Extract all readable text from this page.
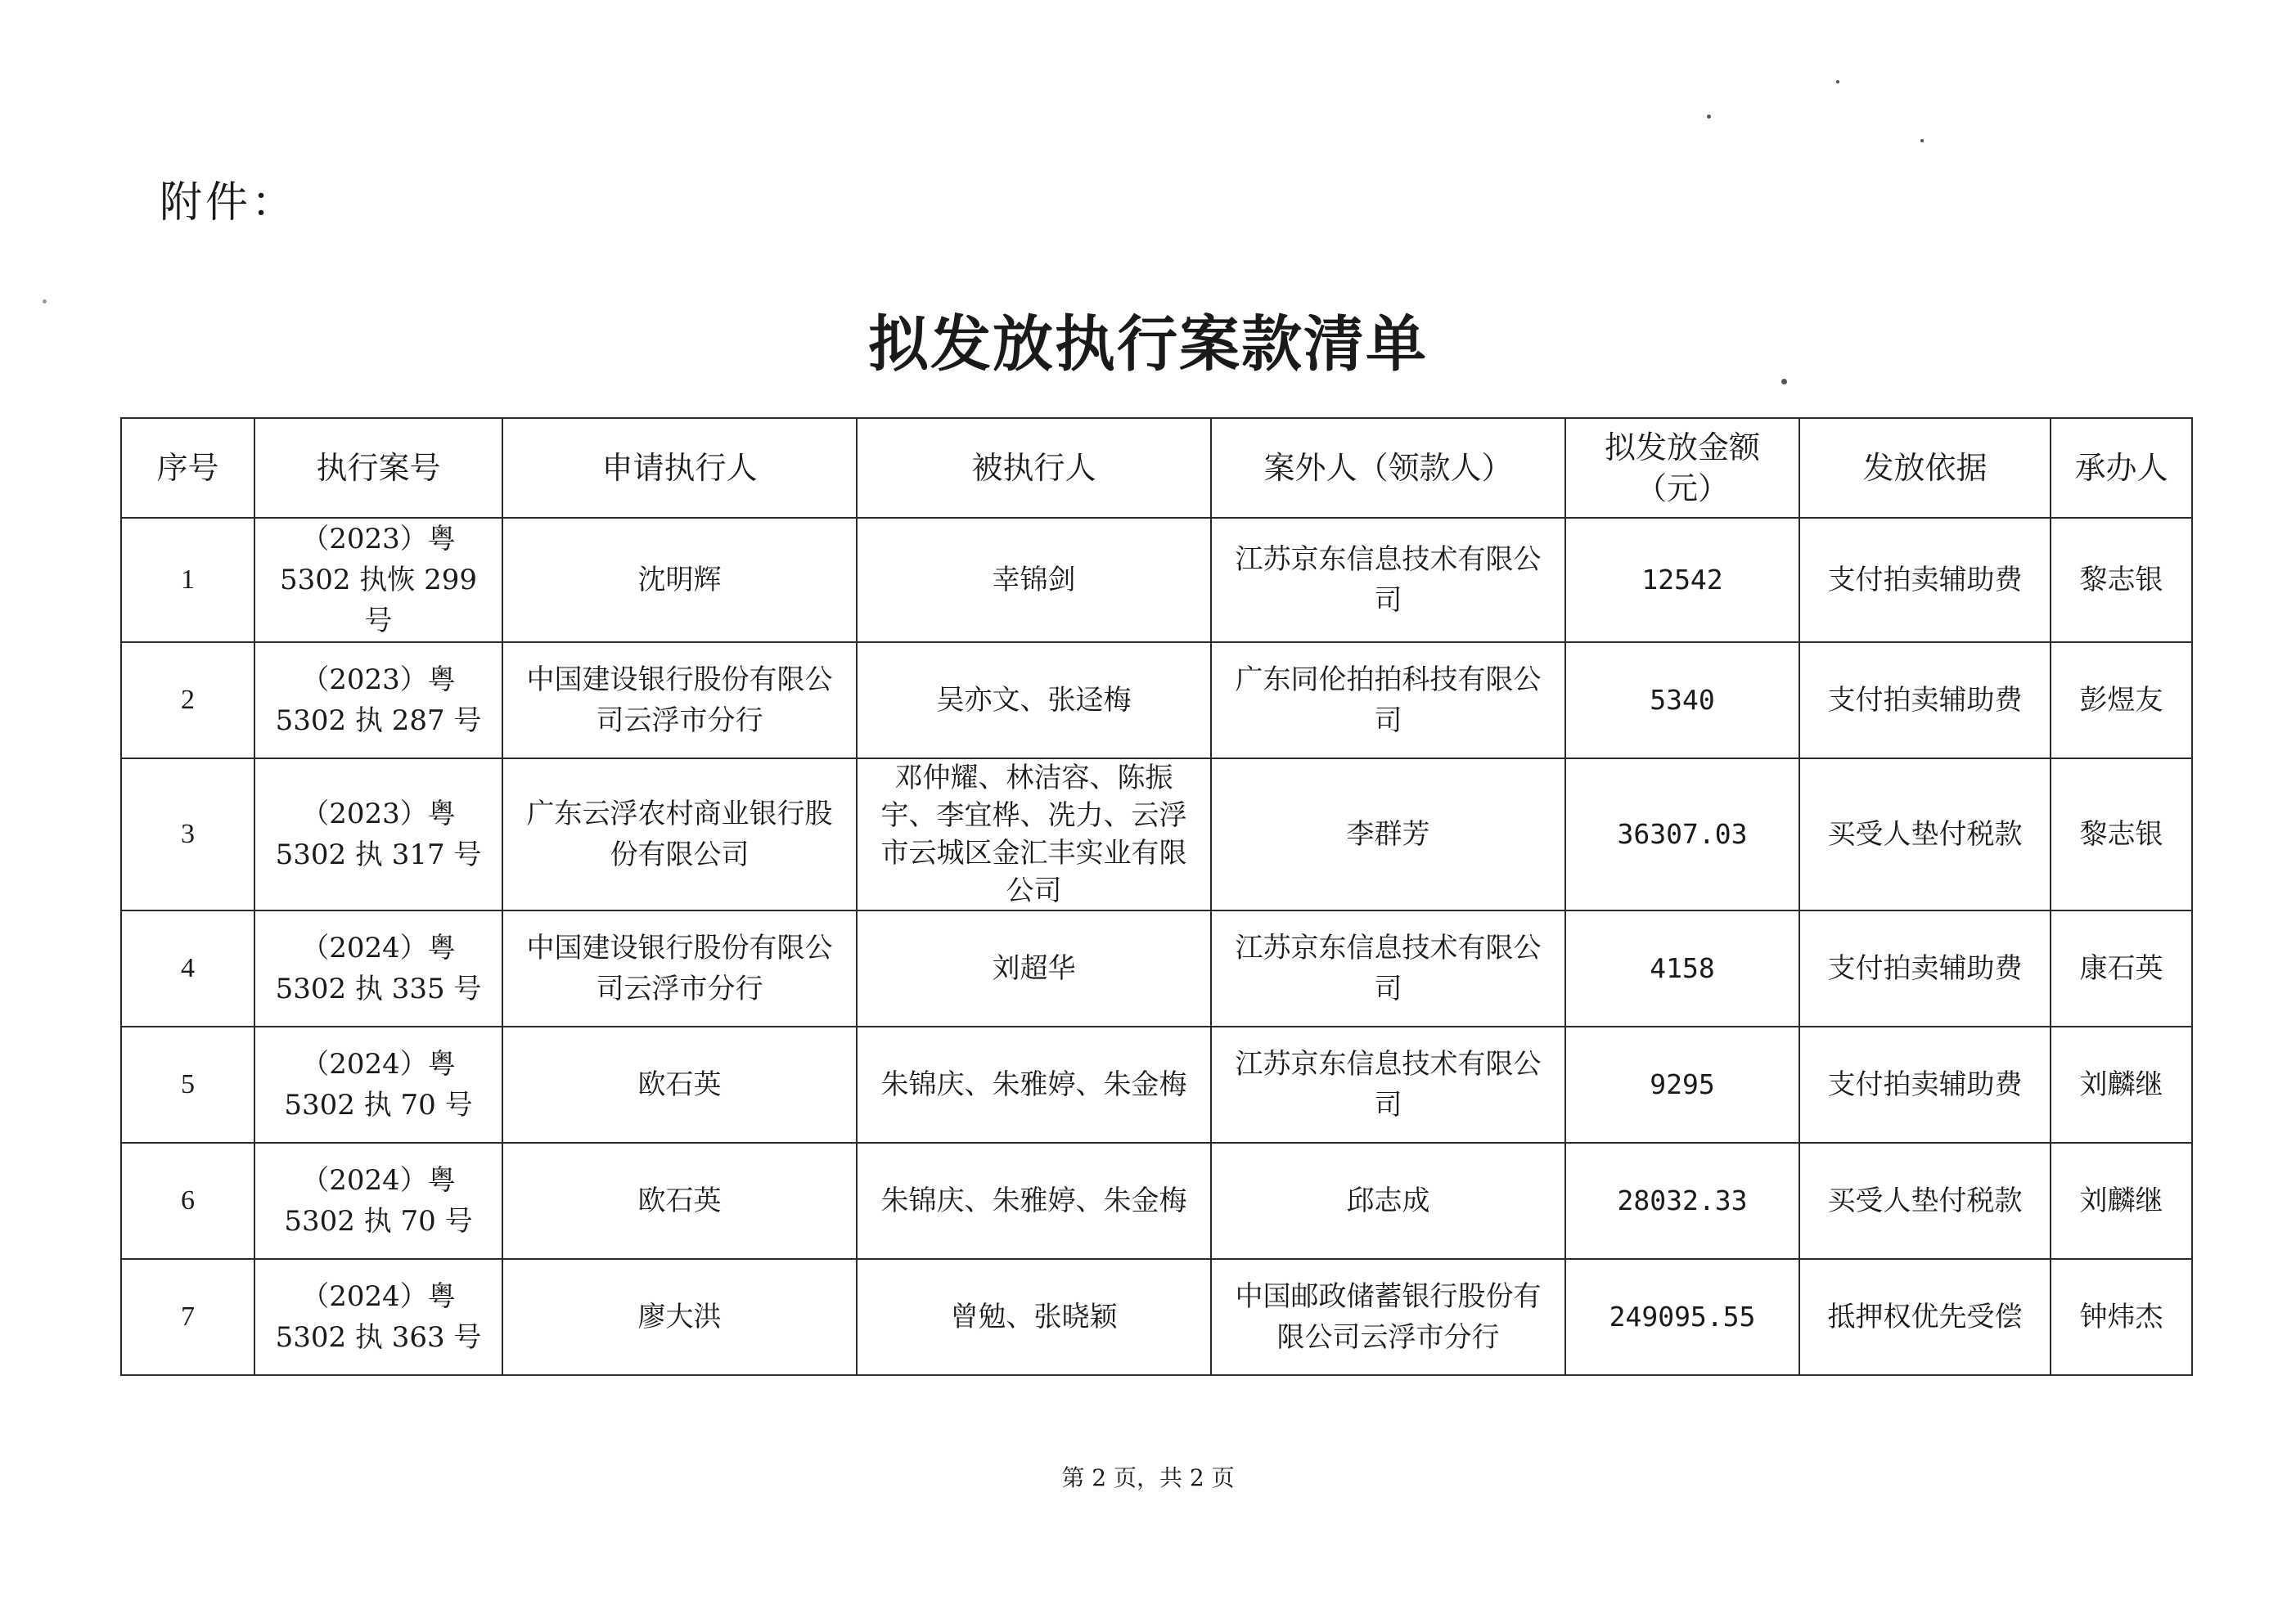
附件：
拟发放执行案款清单
序号	执行案号	申请执行人	被执行人	案外人（领款人）	拟发放金额（元）	发放依据	承办人
1	（2023）粤 5302 执恢 299 号	沈明辉	幸锦剑	江苏京东信息技术有限公司	12542	支付拍卖辅助费	黎志银
2	（2023）粤 5302 执 287 号	中国建设银行股份有限公司云浮市分行	吴亦文、张迳梅	广东同伦拍拍科技有限公司	5340	支付拍卖辅助费	彭煜友
3	（2023）粤 5302 执 317 号	广东云浮农村商业银行股份有限公司	邓仲耀、林洁容、陈振宇、李宜桦、冼力、云浮市云城区金汇丰实业有限公司	李群芳	36307.03	买受人垫付税款	黎志银
4	（2024）粤 5302 执 335 号	中国建设银行股份有限公司云浮市分行	刘超华	江苏京东信息技术有限公司	4158	支付拍卖辅助费	康石英
5	（2024）粤 5302 执 70 号	欧石英	朱锦庆、朱雅婷、朱金梅	江苏京东信息技术有限公司	9295	支付拍卖辅助费	刘麟继
6	（2024）粤 5302 执 70 号	欧石英	朱锦庆、朱雅婷、朱金梅	邱志成	28032.33	买受人垫付税款	刘麟继
7	（2024）粤 5302 执 363 号	廖大洪	曾勉、张晓颖	中国邮政储蓄银行股份有限公司云浮市分行	249095.55	抵押权优先受偿	钟炜杰
第 2 页，共 2 页
